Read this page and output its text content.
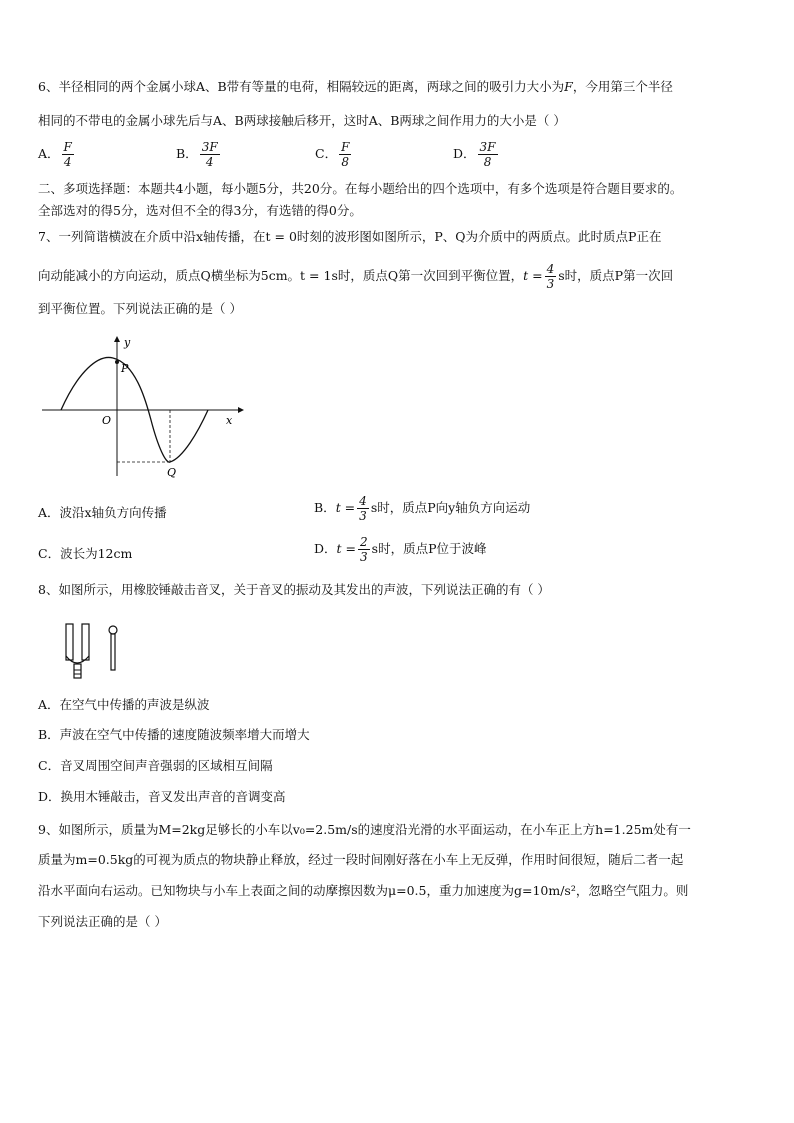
6、半径相同的两个金属小球A、B带有等量的电荷，相隔较远的距离，两球之间的吸引力大小为F，今用第三个半径
相同的不带电的金属小球先后与A、B两球接触后移开，这时A、B两球之间作用力的大小是（ ）
A． $\frac{F}{4}$	B． $\frac{3F}{4}$	C． $\frac{F}{8}$	D． $\frac{3F}{8}$
二、多项选择题：本题共4小题，每小题5分，共20分。在每小题给出的四个选项中，有多个选项是符合题目要求的。
全部选对的得5分，选对但不全的得3分，有选错的得0分。
7、一列简谐横波在介质中沿x轴传播，在t = 0时刻的波形图如图所示，P、Q为介质中的两质点。此时质点P正在
向动能减小的方向运动，质点Q横坐标为5cm。t = 1s时，质点Q第一次回到平衡位置，$t = \frac{4}{3}$ s时，质点P第一次回
到平衡位置。下列说法正确的是（ ）
y
x
O
P
Q
A．波沿x轴负方向传播	B．$t = \frac{4}{3}$ s时，质点P向y轴负方向运动
C．波长为12cm	D．$t = \frac{2}{3}$ s时，质点P位于波峰
8、如图所示，用橡胶锤敲击音叉，关于音叉的振动及其发出的声波，下列说法正确的有（ ）
A．在空气中传播的声波是纵波
B．声波在空气中传播的速度随波频率增大而增大
C．音叉周围空间声音强弱的区域相互间隔
D．换用木锤敲击，音叉发出声音的音调变高
9、如图所示，质量为M=2kg足够长的小车以v₀=2.5m/s的速度沿光滑的水平面运动，在小车正上方h=1.25m处有一
质量为m=0.5kg的可视为质点的物块静止释放，经过一段时间刚好落在小车上无反弹，作用时间很短，随后二者一起
沿水平面向右运动。已知物块与小车上表面之间的动摩擦因数为μ=0.5，重力加速度为g=10m/s²，忽略空气阻力。则
下列说法正确的是（ ）
